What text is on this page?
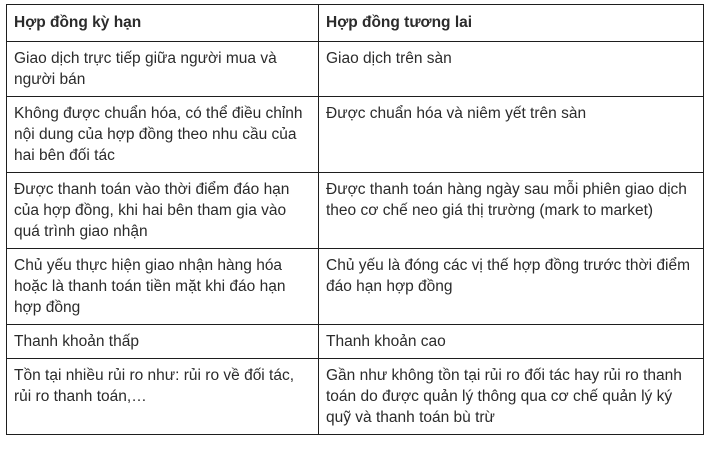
Hợp đồng kỳ hạn	Hợp đồng tương lai
Giao dịch trực tiếp giữa người mua và người bán	Giao dịch trên sàn
Không được chuẩn hóa, có thể điều chỉnh nội dung của hợp đồng theo nhu cầu của hai bên đối tác	Được chuẩn hóa và niêm yết trên sàn
Được thanh toán vào thời điểm đáo hạn của hợp đồng, khi hai bên tham gia vào quá trình giao nhận	Được thanh toán hàng ngày sau mỗi phiên giao dịch theo cơ chế neo giá thị trường (mark to market)
Chủ yếu thực hiện giao nhận hàng hóa hoặc là thanh toán tiền mặt khi đáo hạn hợp đồng	Chủ yếu là đóng các vị thế hợp đồng trước thời điểm đáo hạn hợp đồng
Thanh khoản thấp	Thanh khoản cao
Tồn tại nhiều rủi ro như: rủi ro về đối tác, rủi ro thanh toán,…	Gần như không tồn tại rủi ro đối tác hay rủi ro thanh toán do được quản lý thông qua cơ chế quản lý ký quỹ và thanh toán bù trừ
